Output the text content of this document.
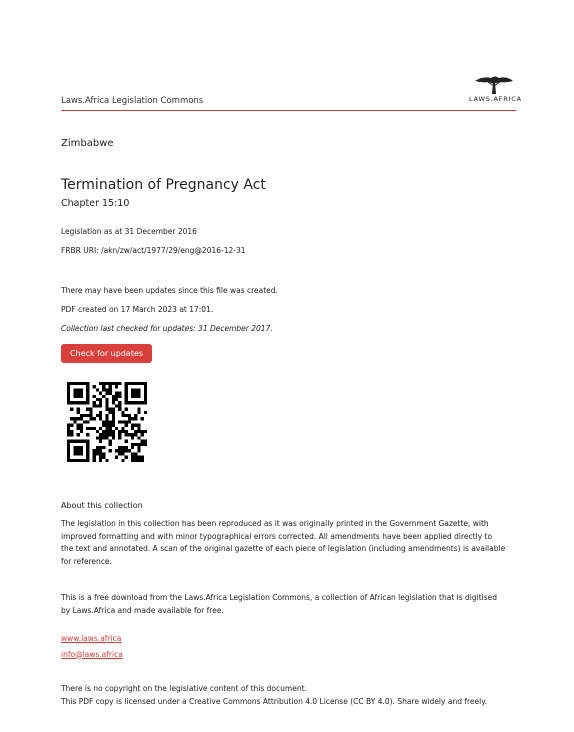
Laws.Africa Legislation Commons	LAWS.AFRICA
Zimbabwe
Termination of Pregnancy Act
Chapter 15:10
Legislation as at 31 December 2016
FRBR URI: /akn/zw/act/1977/29/eng@2016-12-31
There may have been updates since this file was created.
PDF created on 17 March 2023 at 17:01.
Collection last checked for updates: 31 December 2017.
Check for updates
About this collection
The legislation in this collection has been reproduced as it was originally printed in the Government Gazette, with
improved formatting and with minor typographical errors corrected. All amendments have been applied directly to
the text and annotated. A scan of the original gazette of each piece of legislation (including amendments) is available
for reference.
This is a free download from the Laws.Africa Legislation Commons, a collection of African legislation that is digitised
by Laws.Africa and made available for free.
www.laws.africa
info@laws.africa
There is no copyright on the legislative content of this document.
This PDF copy is licensed under a Creative Commons Attribution 4.0 License (CC BY 4.0). Share widely and freely.
